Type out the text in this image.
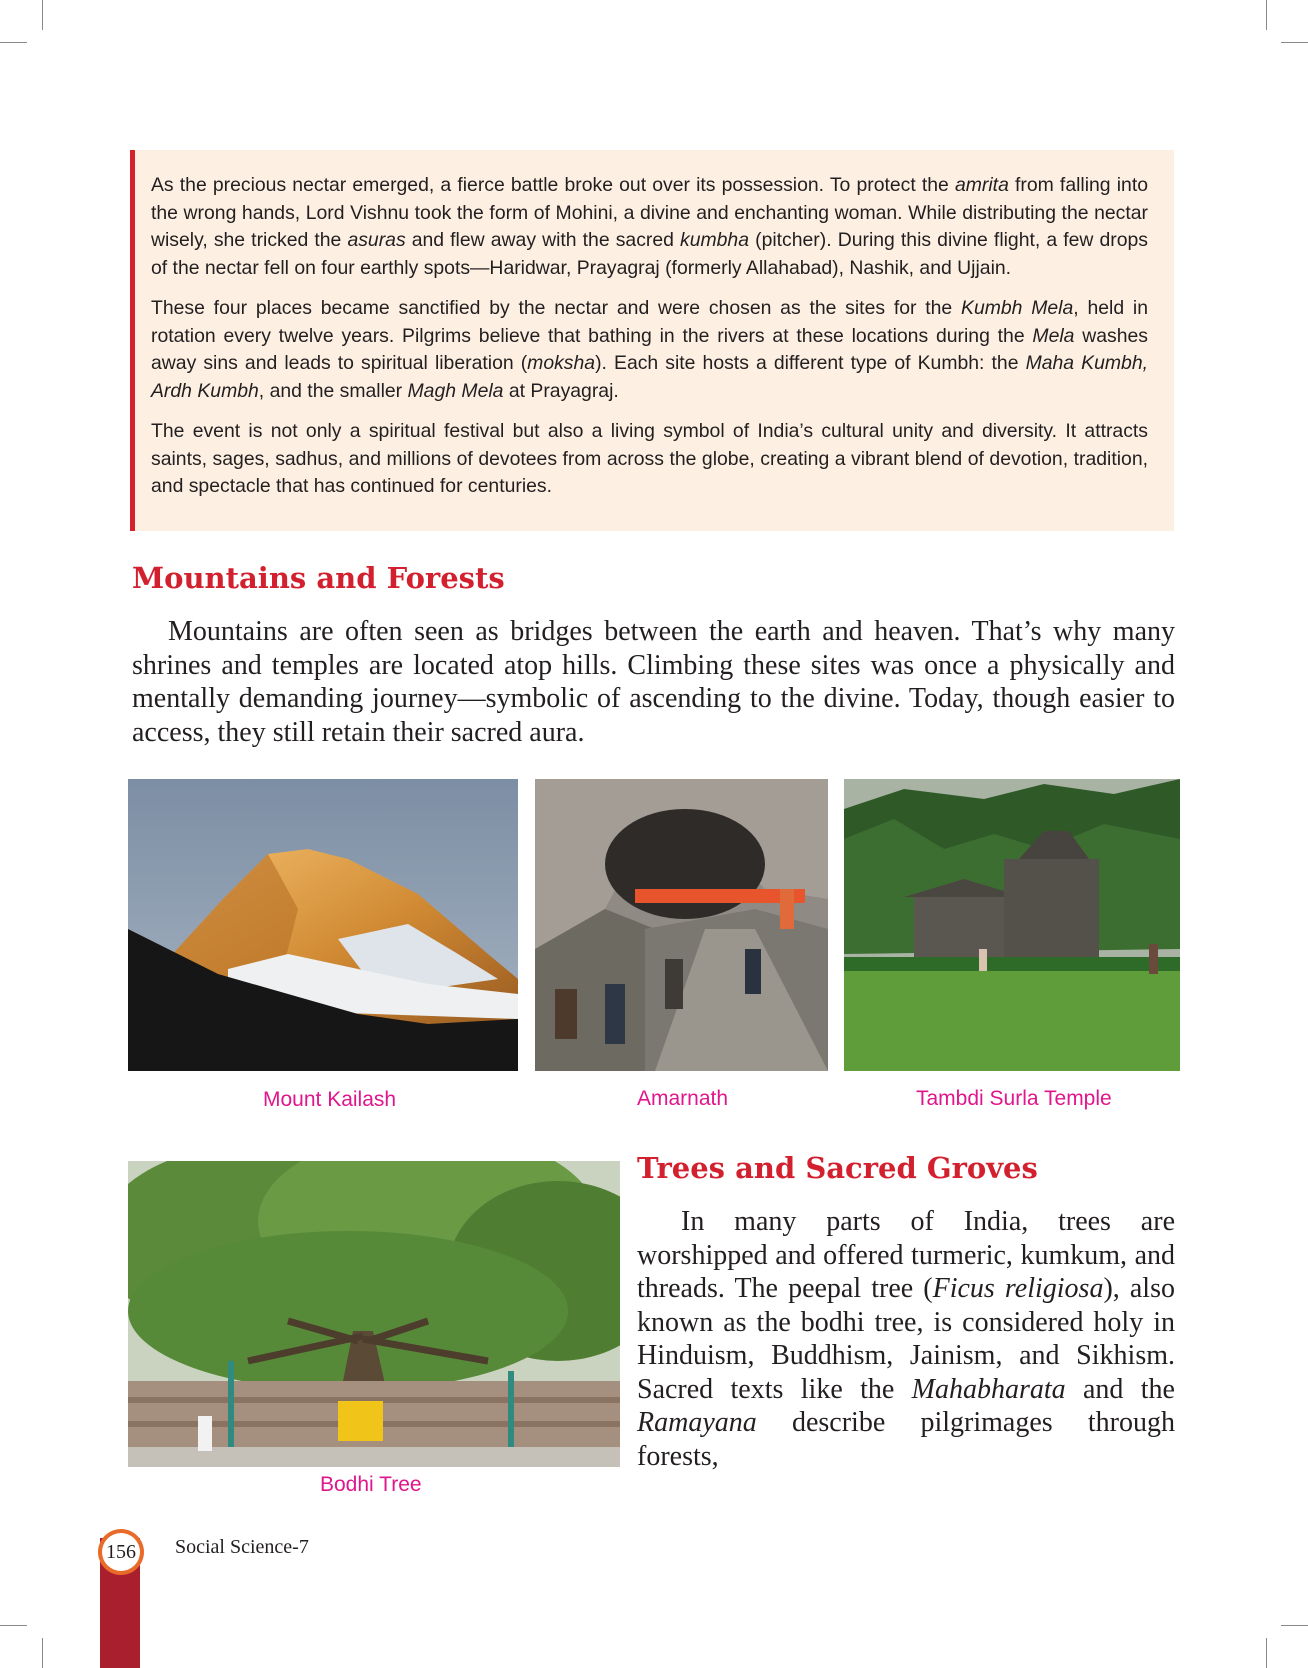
As the precious nectar emerged, a fierce battle broke out over its possession. To protect the amrita from falling into the wrong hands, Lord Vishnu took the form of Mohini, a divine and enchanting woman. While distributing the nectar wisely, she tricked the asuras and flew away with the sacred kumbha (pitcher). During this divine flight, a few drops of the nectar fell on four earthly spots—Haridwar, Prayagraj (formerly Allahabad), Nashik, and Ujjain.

These four places became sanctified by the nectar and were chosen as the sites for the Kumbh Mela, held in rotation every twelve years. Pilgrims believe that bathing in the rivers at these locations during the Mela washes away sins and leads to spiritual liberation (moksha). Each site hosts a different type of Kumbh: the Maha Kumbh, Ardh Kumbh, and the smaller Magh Mela at Prayagraj.

The event is not only a spiritual festival but also a living symbol of India’s cultural unity and diversity. It attracts saints, sages, sadhus, and millions of devotees from across the globe, creating a vibrant blend of devotion, tradition, and spectacle that has continued for centuries.

Mountains and Forests

Mountains are often seen as bridges between the earth and heaven. That’s why many shrines and temples are located atop hills. Climbing these sites was once a physically and mentally demanding journey—symbolic of ascending to the divine. Today, though easier to access, they still retain their sacred aura.

Mount Kailash	Amarnath	Tambdi Surla Temple

Bodhi Tree

Trees and Sacred Groves

In many parts of India, trees are worshipped and offered turmeric, kumkum, and threads. The peepal tree (Ficus religiosa), also known as the bodhi tree, is considered holy in Hinduism, Buddhism, Jainism, and Sikhism. Sacred texts like the Mahabharata and the Ramayana describe pilgrimages through forests,

156 Social Science-7
